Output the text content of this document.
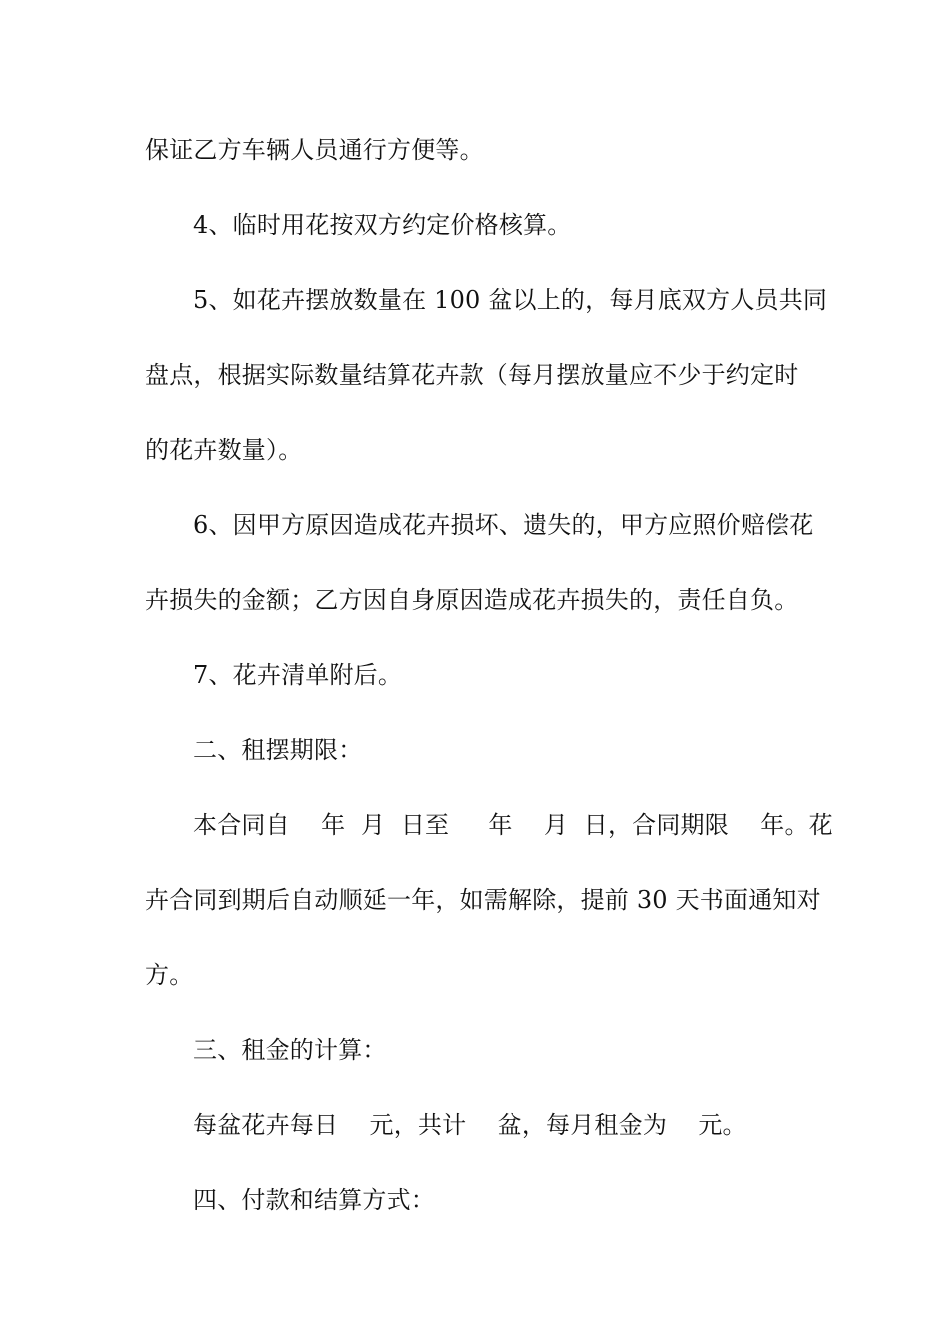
保证乙方车辆人员通行方便等。
4、临时用花按双方约定价格核算。
5、如花卉摆放数量在 100 盆以上的，每月底双方人员共同
盘点，根据实际数量结算花卉款（每月摆放量应不少于约定时
的花卉数量）。
6、因甲方原因造成花卉损坏、遗失的，甲方应照价赔偿花
卉损失的金额；乙方因自身原因造成花卉损失的，责任自负。
7、花卉清单附后。
二、租摆期限：
本合同自    年  月  日至     年    月  日，合同期限    年。花
卉合同到期后自动顺延一年，如需解除，提前 30 天书面通知对
方。
三、租金的计算：
每盆花卉每日    元，共计    盆，每月租金为    元。
四、付款和结算方式：
